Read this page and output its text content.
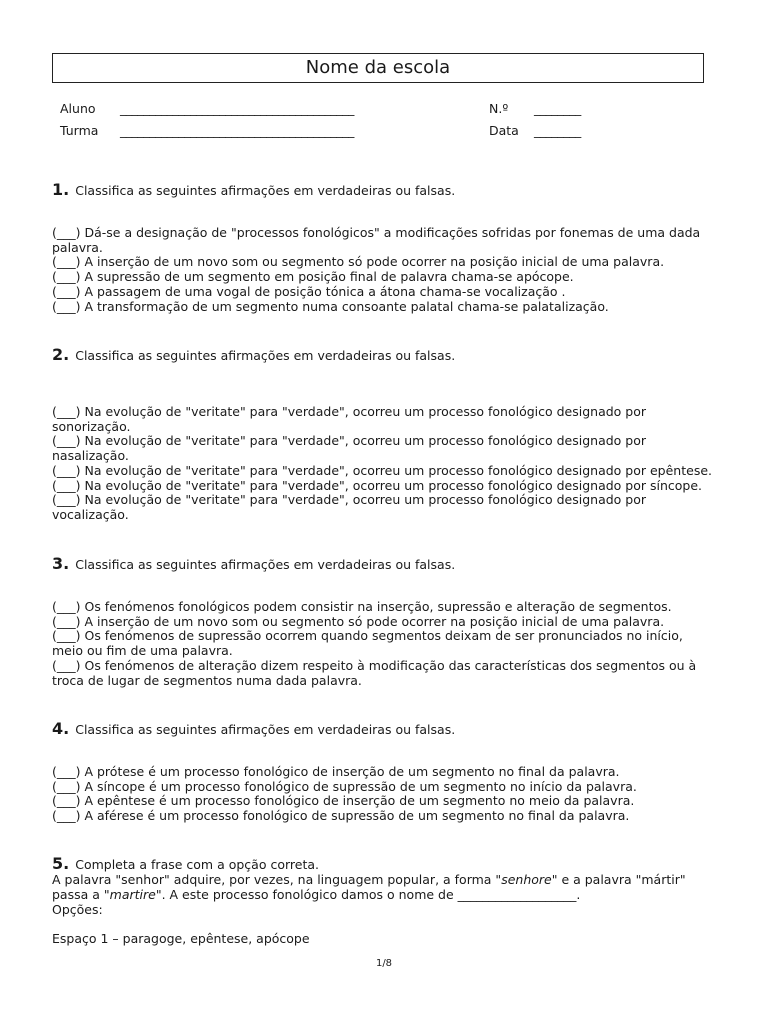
Nome da escola
Aluno ________________________________________	N.º ________
Turma ________________________________________	Data ________
1. Classifica as seguintes afirmações em verdadeiras ou falsas.

(___) Dá-se a designação de "processos fonológicos" a modificações sofridas por fonemas de uma dada palavra.

(___) A inserção de um novo som ou segmento só pode ocorrer na posição inicial de uma palavra.

(___) A supressão de um segmento em posição final de palavra chama-se apócope.

(___) A passagem de uma vogal de posição tónica a átona chama-se vocalização .

(___) A transformação de um segmento numa consoante palatal chama-se palatalização.

2. Classifica as seguintes afirmações em verdadeiras ou falsas.

(___) Na evolução de "veritate" para "verdade", ocorreu um processo fonológico designado por sonorização.

(___) Na evolução de "veritate" para "verdade", ocorreu um processo fonológico designado por nasalização.

(___) Na evolução de "veritate" para "verdade", ocorreu um processo fonológico designado por epêntese.

(___) Na evolução de "veritate" para "verdade", ocorreu um processo fonológico designado por síncope.

(___) Na evolução de "veritate" para "verdade", ocorreu um processo fonológico designado por vocalização.

3. Classifica as seguintes afirmações em verdadeiras ou falsas.

(___) Os fenómenos fonológicos podem consistir na inserção, supressão e alteração de segmentos.

(___) A inserção de um novo som ou segmento só pode ocorrer na posição inicial de uma palavra.

(___) Os fenómenos de supressão ocorrem quando segmentos deixam de ser pronunciados no início, meio ou fim de uma palavra.

(___) Os fenómenos de alteração dizem respeito à modificação das características dos segmentos ou à troca de lugar de segmentos numa dada palavra.

4. Classifica as seguintes afirmações em verdadeiras ou falsas.

(___) A prótese é um processo fonológico de inserção de um segmento no final da palavra.

(___) A síncope é um processo fonológico de supressão de um segmento no início da palavra.

(___) A epêntese é um processo fonológico de inserção de um segmento no meio da palavra.

(___) A aférese é um processo fonológico de supressão de um segmento no final da palavra.

5. Completa a frase com a opção correta.
A palavra "senhor" adquire, por vezes, na linguagem popular, a forma "senhore" e a palavra "mártir" passa a "martire". A este processo fonológico damos o nome de ___________________.
Opções:
Espaço 1 – paragoge, epêntese, apócope
1/8
